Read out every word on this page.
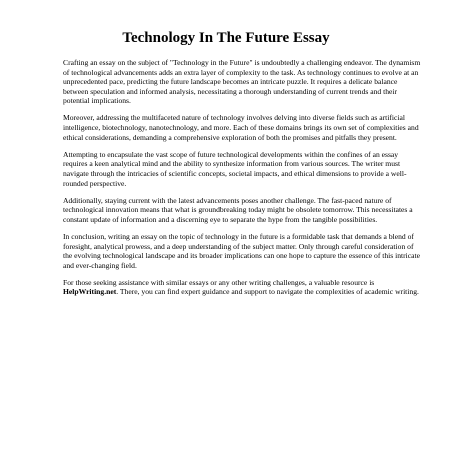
Technology In The Future Essay

Crafting an essay on the subject of "Technology in the Future" is undoubtedly a challenging endeavor. The dynamism of technological advancements adds an extra layer of complexity to the task. As technology continues to evolve at an unprecedented pace, predicting the future landscape becomes an intricate puzzle. It requires a delicate balance between speculation and informed analysis, necessitating a thorough understanding of current trends and their potential implications.

Moreover, addressing the multifaceted nature of technology involves delving into diverse fields such as artificial intelligence, biotechnology, nanotechnology, and more. Each of these domains brings its own set of complexities and ethical considerations, demanding a comprehensive exploration of both the promises and pitfalls they present.

Attempting to encapsulate the vast scope of future technological developments within the confines of an essay requires a keen analytical mind and the ability to synthesize information from various sources. The writer must navigate through the intricacies of scientific concepts, societal impacts, and ethical dimensions to provide a well-rounded perspective.

Additionally, staying current with the latest advancements poses another challenge. The fast-paced nature of technological innovation means that what is groundbreaking today might be obsolete tomorrow. This necessitates a constant update of information and a discerning eye to separate the hype from the tangible possibilities.

In conclusion, writing an essay on the topic of technology in the future is a formidable task that demands a blend of foresight, analytical prowess, and a deep understanding of the subject matter. Only through careful consideration of the evolving technological landscape and its broader implications can one hope to capture the essence of this intricate and ever-changing field.

For those seeking assistance with similar essays or any other writing challenges, a valuable resource is HelpWriting.net. There, you can find expert guidance and support to navigate the complexities of academic writing.
